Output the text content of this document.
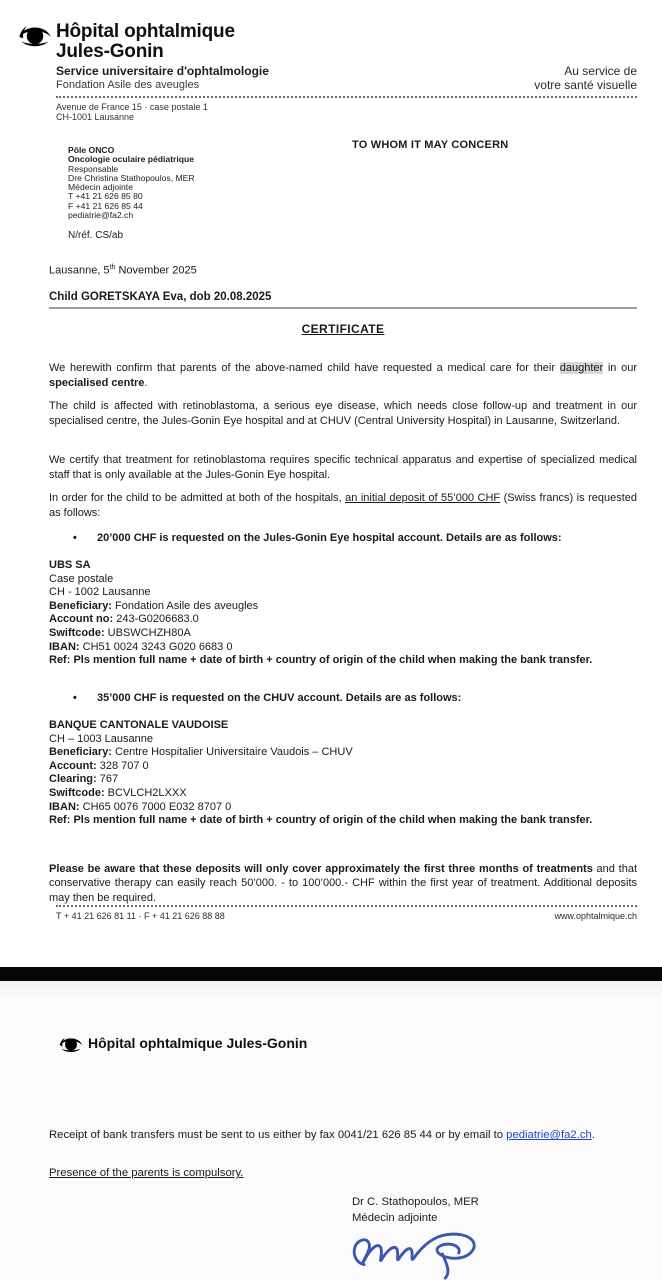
Hôpital ophtalmique
Jules-Gonin
Service universitaire d'ophtalmologie
Fondation Asile des aveugles
Au service de
votre santé visuelle
Avenue de France 15 · case postale 1
CH-1001 Lausanne
Pôle ONCO
Oncologie oculaire pédiatrique
Responsable
Dre Christina Stathopoulos, MER
Médecin adjointe
T +41 21 626 85 80
F +41 21 626 85 44
pediatrie@fa2.ch
TO WHOM IT MAY CONCERN
N/réf. CS/ab
Lausanne, 5th November 2025
Child GORETSKAYA Eva, dob 20.08.2025
CERTIFICATE

We herewith confirm that parents of the above-named child have requested a medical care for their daughter in our specialised centre.

The child is affected with retinoblastoma, a serious eye disease, which needs close follow-up and treatment in our specialised centre, the Jules-Gonin Eye hospital and at CHUV (Central University Hospital) in Lausanne, Switzerland.

We certify that treatment for retinoblastoma requires specific technical apparatus and expertise of specialized medical staff that is only available at the Jules-Gonin Eye hospital.

In order for the child to be admitted at both of the hospitals, an initial deposit of 55’000 CHF (Swiss francs) is requested as follows:

•	20’000 CHF is requested on the Jules-Gonin Eye hospital account. Details are as follows:
UBS SA
Case postale
CH - 1002 Lausanne
Beneficiary: Fondation Asile des aveugles
Account no: 243-G0206683.0
Swiftcode: UBSWCHZH80A
IBAN: CH51 0024 3243 G020 6683 0
Ref: Pls mention full name + date of birth + country of origin of the child when making the bank transfer.
•	35’000 CHF is requested on the CHUV account. Details are as follows:
BANQUE CANTONALE VAUDOISE
CH – 1003 Lausanne
Beneficiary: Centre Hospitalier Universitaire Vaudois – CHUV
Account: 328 707 0
Clearing: 767
Swiftcode: BCVLCH2LXXX
IBAN: CH65 0076 7000 E032 8707 0
Ref: Pls mention full name + date of birth + country of origin of the child when making the bank transfer.

Please be aware that these deposits will only cover approximately the first three months of treatments and that conservative therapy can easily reach 50’000. - to 100’000.- CHF within the first year of treatment. Additional deposits may then be required.

T + 41 21 626 81 11 · F + 41 21 626 88 88	www.ophtalmique.ch
Hôpital ophtalmique Jules-Gonin

Receipt of bank transfers must be sent to us either by fax 0041/21 626 85 44 or by email to pediatrie@fa2.ch.

Presence of the parents is compulsory.

Dr C. Stathopoulos, MER
Médecin adjointe
